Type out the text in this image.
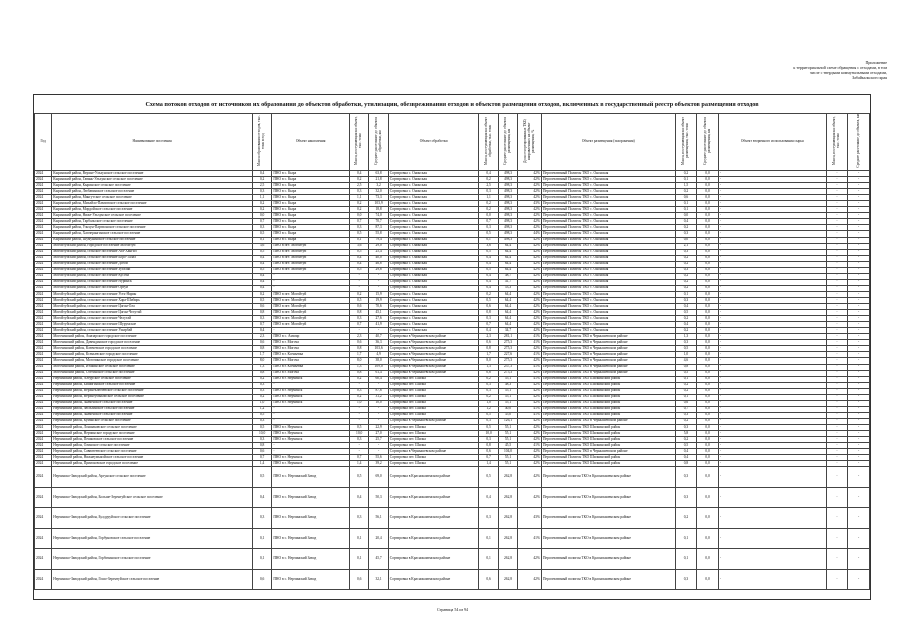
Приложение
к территориальной схеме обращения с отходами, в том
числе с твердыми коммунальными отходами,
Забайкальского края
Схема потоков отходов от источников их образования до объектов обработки, утилизации, обезвреживания отходов и объектов размещения отходов, включенных в государственный реестр объектов размещения отходов
Год	Наименование поселения	Масса образования отходов, тыс. тонн в год	Объект накопления	Масса, поступающая на объект, тыс. тонн	Среднее расстояние до объекта обработки, км	Объект обработки	Масса, поступающая на объект обработки, тыс. тонн	Среднее расстояние до объекта размещения, км	Доля отсортированных ТКО, направленных на объект размещения, %	Объект размещения (захоронения)	Масса, поступающая на объект размещения, тыс. тонн	Среднее расстояние до объекта размещения, км	Объект вторичного использования сырья	Масса, поступающая на объект, тыс. тонн	Среднее расстояние до объекта, км
2024	Кыринский район, Верхне-Ульхунское сельское поселение	0,4	ПНО в с. Кыра	0,4	63,8	Сортировка с. Ононская	0,4	498,3	42%	Перспективный Полигон ТКО с. Ононская	0,2	0,0	-	-	-
2024	Кыринский район, Гавань-Ульхунское сельское поселение	0,2	ПНО в с. Кыра	0,2	21,8	Сортировка с. Ононская	0,2	498,3	42%	Перспективный Полигон ТКО с. Ононская	0,1	0,0	-	-	-
2024	Кыринский район, Кыринское сельское поселение	2,5	ПНО в с. Кыра	2,5	3,2	Сортировка с. Ононская	2,5	498,3	42%	Перспективный Полигон ТКО с. Ононская	1,5	0,0	-	-	-
2024	Кыринский район, Любавинское сельское поселение	0,3	ПНО в с. Кыра	0,3	32,0	Сортировка с. Ононская	0,3	498,3	42%	Перспективный Полигон ТКО с. Ононская	0,2	0,0	-	-	-
2024	Кыринский район, Мангутское сельское поселение	1,1	ПНО в с. Кыра	1,1	73,3	Сортировка с. Ононская	1,1	498,3	42%	Перспективный Полигон ТКО с. Ононская	0,6	0,0	-	-	-
2024	Кыринский район, Михайло-Павловское сельское поселение	0,2	ПНО в с. Кыра	0,2	103,9	Сортировка с. Ононская	0,2	498,3	43%	Перспективный Полигон ТКО с. Ононская	0,1	0,0	-	-	-
2024	Кыринский район, Мордойское сельское поселение	0,2	ПНО в с. Кыра	0,2	18,8	Сортировка с. Ононская	0,2	498,3	42%	Перспективный Полигон ТКО с. Ононская	0,1	0,0	-	-	-
2024	Кыринский район, Ниже-Ульхунское сельское поселение	0,0	ПНО в с. Кыра	0,0	74,0	Сортировка с. Ононская	0,0	498,3	42%	Перспективный Полигон ТКО с. Ононская	0,0	0,0	-	-	-
2024	Кыринский район, Тарбальское сельское поселение	0,7	ПНО в с. Кыра	0,7	70,7	Сортировка с. Ононская	0,7	498,3	42%	Перспективный Полигон ТКО с. Ононская	0,4	0,0	-	-	-
2024	Кыринский район, Ульхун-Партионское сельское поселение	0,3	ПНО в с. Кыра	0,3	87,3	Сортировка с. Ононская	0,3	498,3	42%	Перспективный Полигон ТКО с. Ононская	0,2	0,0	-	-	-
2024	Кыринский район, Хапчерангинское сельское поселение	0,5	ПНО в с. Кыра	0,5	55,8	Сортировка с. Ононская	0,5	498,3	44%	Перспективный Полигон ТКО с. Ононская	0,3	0,0	-	-	-
2024	Кыринский район, Шумунинское сельское поселение	0,1	ПНО в с. Кыра	0,1	79,4	Сортировка с. Ононская	0,1	498,3	42%	Перспективный Полигон ТКО с. Ононская	0,0	0,0	-	-	-
2024	Могойтуйский район, городское поселение Могойтуй	3,6	ПНО в пгт. Могойтуй	3,6	29,0	Сортировка с. Ононская	3,6	64,4	42%	Перспективный Полигон ТКО с. Ононская	2,1	0,0	-	-	-
2024	Могойтуйский район, сельское поселение Ага-Хангил	0,5	ПНО в пгт. Могойтуй	0,5	25,4	Сортировка с. Ононская	0,5	64,4	42%	Перспективный Полигон ТКО с. Ононская	0,3	0,0	-	-	-
2024	Могойтуйский район, сельское поселение Боро-Талал	0,4	ПНО в пгт. Могойтуй	0,4	40,0	Сортировка с. Ононская	0,4	64,4	42%	Перспективный Полигон ТКО с. Ононская	0,2	0,0	-	-	-
2024	Могойтуйский район, сельское поселение Догой	0,4	ПНО в пгт. Могойтуй	0,4	46,8	Сортировка с. Ононская	0,4	64,4	42%	Перспективный Полигон ТКО с. Ононская	0,2	0,0	-	-	-
2024	Могойтуйский район, сельское поселение Зугалай	0,5	ПНО в пгт. Могойтуй	0,5	29,8	Сортировка с. Ононская	0,5	64,4	42%	Перспективный Полигон ТКО с. Ононская	0,3	0,0	-	-	-
2024	Могойтуйский район, сельское поселение Кусоча	0,4	-	-	-	Сортировка с. Ононская	0,4	48,7	42%	Перспективный Полигон ТКО с. Ононская	0,2	0,0	-	-	-
2024	Могойтуйский район, сельское поселение Нуринск	0,4	-	-	-	Сортировка с. Ононская	0,4	41,7	42%	Перспективный Полигон ТКО с. Ононская	0,2	0,0	-	-	-
2024	Могойтуйский район, сельское поселение Ортуй	0,4	-	-	-	Сортировка с. Ононская	0,4	53,3	42%	Перспективный Полигон ТКО с. Ононская	0,2	0,0	-	-	-
2024	Могойтуйский район, сельское поселение Усть-Нарин	0,2	ПНО в пгт. Могойтуй	0,2	15,9	Сортировка с. Ононская	0,2	64,4	42%	Перспективный Полигон ТКО с. Ононская	0,1	0,0	-	-	-
2024	Могойтуйский район, сельское поселение Хара-Шибирь	0,5	ПНО в пгт. Могойтуй	0,5	19,9	Сортировка с. Ононская	0,5	64,4	42%	Перспективный Полигон ТКО с. Ононская	0,3	0,0	-	-	-
2024	Могойтуйский район, сельское поселение Цаган-Ола	0,6	ПНО в пгт. Могойтуй	0,6	70,6	Сортировка с. Ононская	0,6	64,4	42%	Перспективный Полигон ТКО с. Ононская	0,4	0,0	-	-	-
2024	Могойтуйский район, сельское поселение Цаган-Челутай	0,8	ПНО в пгт. Могойтуй	0,8	45,1	Сортировка с. Ононская	0,8	64,4	42%	Перспективный Полигон ТКО с. Ононская	0,5	0,0	-	-	-
2024	Могойтуйский район, сельское поселение Челутай	0,3	ПНО в пгт. Могойтуй	0,3	27,6	Сортировка с. Ононская	0,3	64,4	42%	Перспективный Полигон ТКО с. Ононская	0,2	0,0	-	-	-
2024	Могойтуйский район, сельское поселение Шурумское	0,7	ПНО в пгт. Могойтуй	0,7	41,9	Сортировка с. Ононская	0,7	64,4	42%	Перспективный Полигон ТКО с. Ононская	0,4	0,0	-	-	-
2024	Могойтуйский район, сельское поселение Ушарбай	0,4	-	-	-	Сортировка с. Ононская	0,4	34,7	42%	Перспективный Полигон ТКО с. Ононская	0,2	0,0	-	-	-
2024	Могочинский район, Амазарское городское поселение	2,3	ПНО в с. Амазар	2,3	40,7	Сортировка в Чернышевском районе	2,3	281,1	41%	Перспективный Полигон ТКО в Чернышевском районе	1,3	0,0	-	-	-
2024	Могочинский район, Давендинское городское поселение	0,6	ПНО в г. Могоча	0,6	36,3	Сортировка в Чернышевском районе	0,6	275,3	41%	Перспективный Полигон ТКО в Чернышевском районе	0,3	0,0	-	-	-
2024	Могочинский район, Ключевское городское поселение	0,8	ПНО в г. Могоча	0,8	103,6	Сортировка в Чернышевском районе	0,8	275,3	42%	Перспективный Полигон ТКО в Чернышевском районе	0,5	0,0	-	-	-
2024	Могочинский район, Ксеньевское городское поселение	1,7	ПНО в г. Ксеньевка	1,7	4,9	Сортировка в Чернышевском районе	1,7	227,6	41%	Перспективный Полигон ТКО в Чернышевском районе	1,0	0,0	-	-	-
2024	Могочинский район, Могочинское городское поселение	8,0	ПНО в г. Могоча	8,0	38,0	Сортировка в Чернышевском районе	8,0	275,3	42%	Перспективный Полигон ТКО в Чернышевском районе	4,6	0,0	-	-	-
2024	Могочинский район, Итакинское сельское поселение	1,3	ПНО в г. Ксеньевка	1,3	109,0	Сортировка в Чернышевском районе	1,3	237,3	41%	Перспективный Полигон ТКО в Чернышевском районе	0,8	0,0	-	-	-
2024	Могочинский район, Сбегинское сельское поселение	0,8	ПНО в г. Могоча	0,8	61,4	Сортировка в Чернышевском районе	0,8	275,3	42%	Перспективный Полигон ТКО в Чернышевском районе	0,5	0,0	-	-	-
2024	Нерчинский район, Алеурское сельское поселение	0,2	ПНО в г. Нерчинск	0,2	60,4	Сортировка пгт. Шилка	0,2	55,1	41%	Перспективный Полигон ТКО Шилкинский район	0,1	0,0	-	-	-
2024	Нерчинский район, Бишигинское сельское поселение	0,3	-	-	-	Сортировка пгт. Шилка	0,3	48,3	42%	Перспективный Полигон ТКО Шилкинский район	0,2	0,0	-	-	-
2024	Нерчинский район, Верхнеключевское сельское поселение	0,3	ПНО в г. Нерчинск	0,3	87,6	Сортировка пгт. Шилка	0,3	55,1	42%	Перспективный Полигон ТКО Шилкинский район	0,2	0,0	-	-	-
2024	Нерчинский район, Верхнеумыкэйское сельское поселение	0,2	ПНО в г. Нерчинск	0,2	31,2	Сортировка пгт. Шилка	0,2	55,1	42%	Перспективный Полигон ТКО Шилкинский район	0,1	0,0	-	-	-
2024	Нерчинский район, Знаменское сельское поселение	1,0	ПНО в г. Нерчинск	1,0	10,0	Сортировка пгт. Шилка	1,0	55,1	42%	Перспективный Полигон ТКО Шилкинский район	0,6	0,0	-	-	-
2024	Нерчинский район, Зюльзинское сельское поселение	1,2	-	-	-	Сортировка пгт. Шилка	1,2	40,0	41%	Перспективный Полигон ТКО Шилкинский район	0,7	0,0	-	-	-
2024	Нерчинский район, Знаменское сельское поселение	0,5	-	-	-	Сортировка пгт. Шилка	0,5	35,0	41%	Перспективный Полигон ТКО Шилкинский район	0,3	0,0	-	-	-
2024	Нерчинский район, Кумакское сельское поселение	0,3	-	-	-	Сортировка в Чернышевском районе	0,3	126,1	42%	Перспективный Полигон ТКО в Чернышевском районе	0,2	0,0	-	-	-
2024	Нерчинский район, Лоншаковское сельское поселение	0,5	ПНО в г. Нерчинск	0,5	22,9	Сортировка пгт. Шилка	0,5	55,1	42%	Перспективный Полигон ТКО Шилкинский район	0,3	0,0	-	-	-
2024	Нерчинский район, Нерчинское городское поселение	10,0	ПНО в г. Нерчинск	10,0	27,0	Сортировка пгт. Шилка	10,0	55,1	42%	Перспективный Полигон ТКО Шилкинский район	5,8	0,0	-	-	-
2024	Нерчинский район, Пешковское сельское поселение	0,3	ПНО в г. Нерчинск	0,3	25,7	Сортировка пгт. Шилка	0,3	55,1	42%	Перспективный Полигон ТКО Шилкинский район	0,2	0,0	-	-	-
2024	Нерчинский район, Олинское сельское поселение	0,8	-	-	-	Сортировка пгт. Шилка	0,8	45,5	41%	Перспективный Полигон ТКО Шилкинский район	0,5	0,0	-	-	-
2024	Нерчинский район, Савватеевское сельское поселение	0,6	-	-	-	Сортировка в Чернышевском районе	0,6	104,0	42%	Перспективный Полигон ТКО в Чернышевском районе	0,4	0,0	-	-	-
2024	Нерчинский район, Нижнеумыкэйское сельское поселение	0,7	ПНО в г. Нерчинск	0,7	55,6	Сортировка пгт. Шилка	0,7	55,1	42%	Перспективный Полигон ТКО Шилкинский район	0,4	0,0	-	-	-
2024	Нерчинский район, Приисковское городское поселение	1,4	ПНО в г. Нерчинск	1,4	39,2	Сортировка пгт. Шилка	1,4	55,1	42%	Перспективный Полигон ТКО Шилкинский район	0,8	0,0	-	-	-
2024	Нерчинско-Заводский район, Аргунское сельское поселение	0,5	ПНО в с. Нерчинский Завод	0,5	69,0	Сортировка в Краснокаменском районе	0,5	262,8	42%	Перспективный полигон ТКО в Краснокаменском районе	0,3	0,0	-	-	-
2024	Нерчинско-Заводский район, Больше-Зерентуйское сельское поселение	0,4	ПНО в с. Нерчинский Завод	0,4	50,3	Сортировка в Краснокаменском районе	0,4	262,8	42%	Перспективный полигон ТКО в Краснокаменском районе	0,3	0,0	-	-	-
2024	Нерчинско-Заводский район, Булдуруйское сельское поселение	0,3	ПНО в с. Нерчинский Завод	0,3	56,1	Сортировка в Краснокаменском районе	0,3	262,8	43%	Перспективный полигон ТКО в Краснокаменском районе	0,2	0,0	-	-	-
2024	Нерчинско-Заводский район, Горбуновское сельское поселение	0,1	ПНО в с. Нерчинский Завод	0,1	20,4	Сортировка в Краснокаменском районе	0,1	262,8	41%	Перспективный полигон ТКО в Краснокаменском районе	0,1	0,0	-	-	-
2024	Нерчинско-Заводский район, Горбичанское сельское поселение	0,1	ПНО в с. Нерчинский Завод	0,1	45,7	Сортировка в Краснокаменском районе	0,1	262,8	42%	Перспективный полигон ТКО в Краснокаменском районе	0,1	0,0	-	-	-
2024	Нерчинско-Заводский район, Гошо-Зерентуйское сельское поселение	0,6	ПНО в с. Нерчинский Завод	0,6	32,1	Сортировка в Краснокаменском районе	0,6	262,8	42%	Перспективный полигон ТКО в Краснокаменском районе	0,3	0,0	-	-	-
Страница 54 из 94
